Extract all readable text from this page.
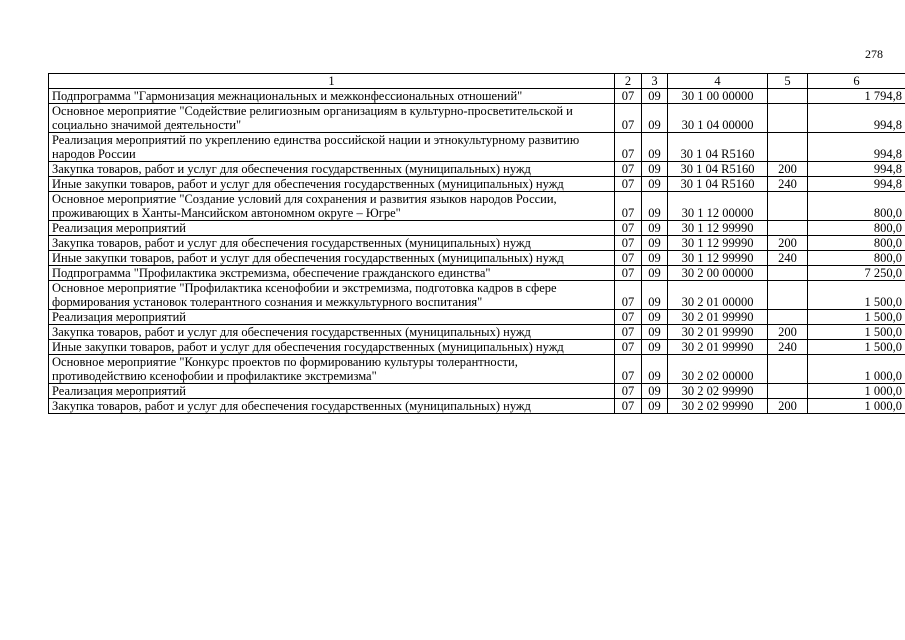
278
1	2	3	4	5	6
Подпрограмма "Гармонизация межнациональных и межконфессиональных отношений"	07	09	30 1 00 00000		1 794,8
Основное мероприятие "Содействие религиозным организациям в культурно-просветительской и социально значимой деятельности"	07	09	30 1 04 00000		994,8
Реализация мероприятий по укреплению единства российской нации и этнокультурному развитию народов России	07	09	30 1 04 R5160		994,8
Закупка товаров, работ и услуг для обеспечения государственных (муниципальных) нужд	07	09	30 1 04 R5160	200	994,8
Иные закупки товаров, работ и услуг для обеспечения государственных (муниципальных) нужд	07	09	30 1 04 R5160	240	994,8
Основное мероприятие "Создание условий для сохранения и развития языков народов России, проживающих в Ханты-Мансийском автономном округе – Югре"	07	09	30 1 12 00000		800,0
Реализация мероприятий	07	09	30 1 12 99990		800,0
Закупка товаров, работ и услуг для обеспечения государственных (муниципальных) нужд	07	09	30 1 12 99990	200	800,0
Иные закупки товаров, работ и услуг для обеспечения государственных (муниципальных) нужд	07	09	30 1 12 99990	240	800,0
Подпрограмма "Профилактика экстремизма, обеспечение гражданского единства"	07	09	30 2 00 00000		7 250,0
Основное мероприятие "Профилактика ксенофобии и экстремизма, подготовка кадров в сфере формирования установок толерантного сознания и межкультурного воспитания"	07	09	30 2 01 00000		1 500,0
Реализация мероприятий	07	09	30 2 01 99990		1 500,0
Закупка товаров, работ и услуг для обеспечения государственных (муниципальных) нужд	07	09	30 2 01 99990	200	1 500,0
Иные закупки товаров, работ и услуг для обеспечения государственных (муниципальных) нужд	07	09	30 2 01 99990	240	1 500,0
Основное мероприятие "Конкурс проектов по формированию культуры толерантности, противодействию ксенофобии и профилактике экстремизма"	07	09	30 2 02 00000		1 000,0
Реализация мероприятий	07	09	30 2 02 99990		1 000,0
Закупка товаров, работ и услуг для обеспечения государственных (муниципальных) нужд	07	09	30 2 02 99990	200	1 000,0
